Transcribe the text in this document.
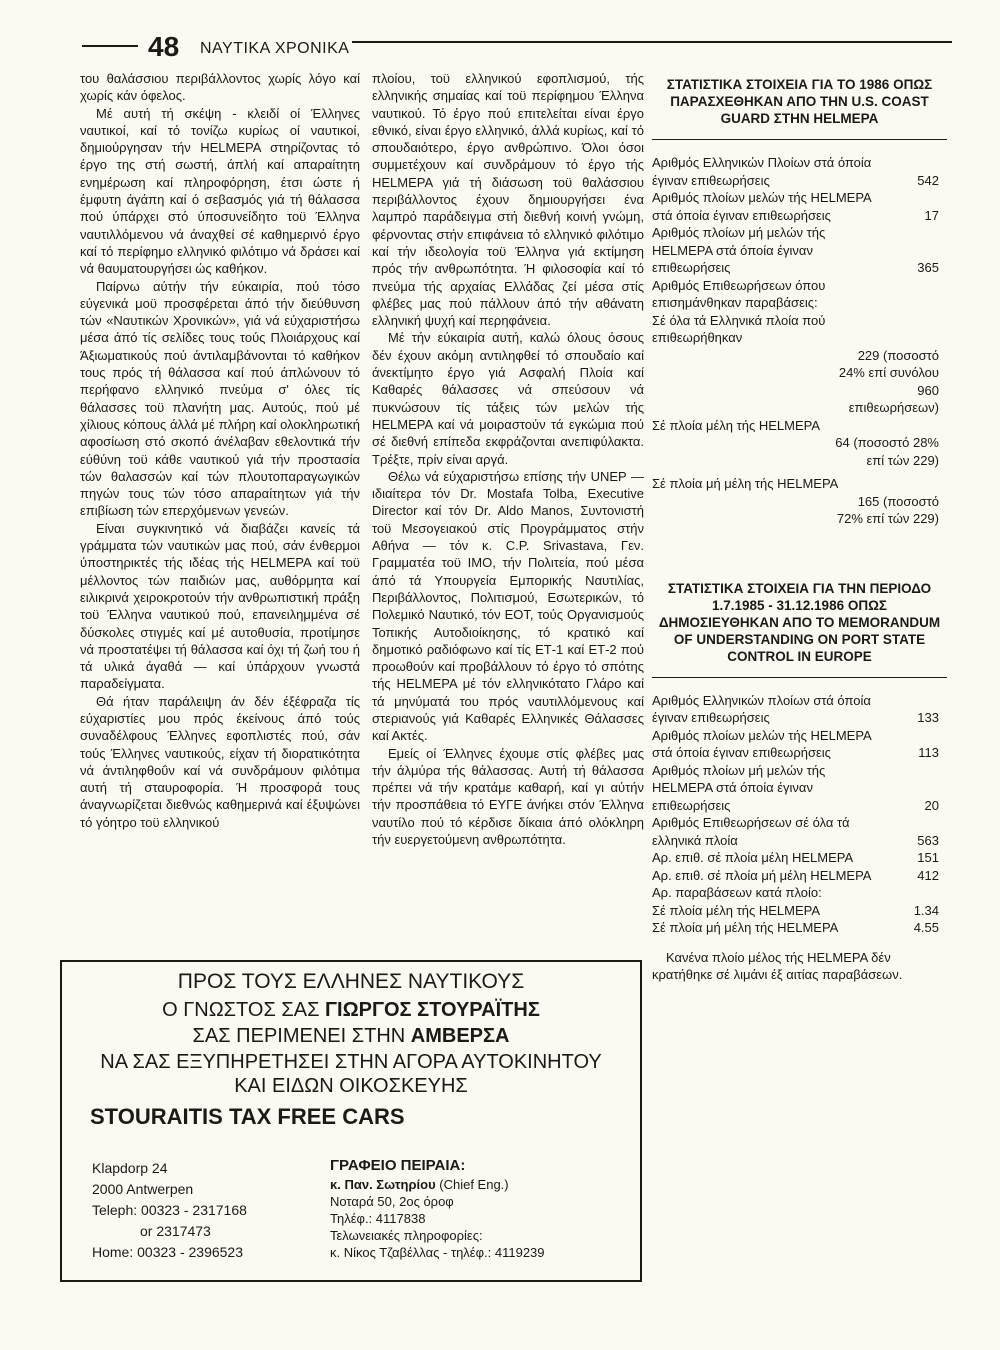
48 ΝΑΥΤΙΚΑ ΧΡΟΝΙΚΑ

του θαλάσσιου περιβάλλοντος χωρίς λόγο καί χωρίς κάν όφελος.

Μέ αυτή τή σκέψη - κλειδί οί Έλληνες ναυτικοί, καί τό τονίζω κυρίως οί ναυτικοί, δημιούργησαν τήν HELMEPA στηρίζοντας τό έργο της στή σωστή, άπλή καί απαραίτητη ενημέρωση καί πληροφόρηση, έτσι ώστε ή έμφυτη άγάπη καί ό σεβασμός γιά τή θάλασσα πού ύπάρχει στό ύποσυνείδητο τοϋ Έλληνα ναυτιλλόμενου νά άναχθεί σέ καθημερινό έργο καί τό περίφημο ελληνικό φιλότιμο νά δράσει καί νά θαυματουργήσει ώς καθήκον.

Παίρνω αύτήν τήν εύκαιρία, πού τόσο εύγενικά μοϋ προσφέρεται άπό τήν διεύθυνση τών «Ναυτικών Χρονικών», γιά νά εύχαριστήσω μέσα άπό τίς σελίδες τους τούς Πλοιάρχους καί Άξιωματικούς πού άντιλαμβάνονται τό καθήκον τους πρός τή θάλασσα καί πού άπλώνουν τό περήφανο ελληνικό πνεύμα σ' όλες τίς θάλασσες τοϋ πλανήτη μας. Αυτούς, πού μέ χίλιους κόπους άλλά μέ πλήρη καί ολοκληρωτική αφοσίωση στό σκοπό άνέλαβαν εθελοντικά τήν εύθύνη τοϋ κάθε ναυτικού γιά τήν προστασία τών θαλασσών καί τών πλουτοπαραγωγικών πηγών τους τών τόσο απαραίτητων γιά τήν επιβίωση τών επερχόμενων γενεών.

Είναι συγκινητικό νά διαβάζει κανείς τά γράμματα τών ναυτικών μας πού, σάν ένθερμοι ύποστηρικτές τής ιδέας τής HELMEPA καί τοϋ μέλλοντος τών παιδιών μας, αυθόρμητα καί ειλικρινά χειροκροτούν τήν ανθρωπιστική πράξη τοϋ Έλληνα ναυτικού πού, επανειλημμένα σέ δύσκολες στιγμές καί μέ αυτοθυσία, προτίμησε νά προστατέψει τή θάλασσα καί όχι τή ζωή του ή τά υλικά άγαθά — καί ύπάρχουν γνωστά παραδείγματα.

Θά ήταν παράλειψη άν δέν έξέφραζα τίς εύχαριστίες μου πρός έκείνους άπό τούς συναδέλφους Έλληνες εφοπλιστές πού, σάν τούς Έλληνες ναυτικούς, είχαν τή διορατικότητα νά άντιληφθοΰν καί νά συνδράμουν φιλότιμα αυτή τή σταυροφορία. Ή προσφορά τους άναγνωρίζεται διεθνώς καθημερινά καί έξυψώνει τό γόητρο τοϋ ελληνικού

πλοίου, τοϋ ελληνικού εφοπλισμού, τής ελληνικής σημαίας καί τοϋ περίφημου Έλληνα ναυτικού. Τό έργο πού επιτελείται είναι έργο εθνικό, είναι έργο ελληνικό, άλλά κυρίως, καί τό σπουδαιότερο, έργο ανθρώπινο. Όλοι όσοι συμμετέχουν καί συνδράμουν τό έργο τής HELMEPA γιά τή διάσωση τοϋ θαλάσσιου περιβάλλοντος έχουν δημιουργήσει ένα λαμπρό παράδειγμα στή διεθνή κοινή γνώμη, φέρνοντας στήν επιφάνεια τό ελληνικό φιλότιμο καί τήν ιδεολογία τοϋ Έλληνα γιά εκτίμηση πρός τήν ανθρωπότητα. Ή φιλοσοφία καί τό πνεύμα τής αρχαίας Ελλάδας ζεί μέσα στίς φλέβες μας πού πάλλουν άπό τήν αθάνατη ελληνική ψυχή καί περηφάνεια.

Μέ τήν εύκαιρία αυτή, καλώ όλους όσους δέν έχουν ακόμη αντιληφθεί τό σπουδαίο καί άνεκτίμητο έργο γιά Ασφαλή Πλοία καί Καθαρές θάλασσες νά σπεύσουν νά πυκνώσουν τίς τάξεις τών μελών τής HELMEPA καί νά μοιραστούν τά εγκώμια πού σέ διεθνή επίπεδα εκφράζονται ανεπιφύλακτα. Τρέξτε, πρίν είναι αργά.

Θέλω νά εύχαριστήσω επίσης τήν UNEP — ιδιαίτερα τόν Dr. Mostafa Tolba, Executive Director καί τόν Dr. Aldo Manos, Συντονιστή τοϋ Μεσογειακού στίς Προγράμματος στήν Αθήνα — τόν κ. C.P. Srivastava, Γεν. Γραμματέα τοϋ ΙΜΟ, τήν Πολιτεία, πού μέσα άπό τά Υπουργεία Εμπορικής Ναυτιλίας, Περιβάλλοντος, Πολιτισμού, Εσωτερικών, τό Πολεμικό Ναυτικό, τόν ΕΟΤ, τούς Οργανισμούς Τοπικής Αυτοδιοίκησης, τό κρατικό καί δημοτικό ραδιόφωνο καί τίς ΕΤ-1 καί ΕΤ-2 πού προωθούν καί προβάλλουν τό έργο τό σπότης τής HELMEPA μέ τόν ελληνικότατο Γλάρο καί τά μηνύματά του πρός ναυτιλλόμενους καί στεριανούς γιά Καθαρές Ελληνικές Θάλασσες καί Ακτές.

Εμείς οί Έλληνες έχουμε στίς φλέβες μας τήν άλμύρα τής θάλασσας. Αυτή τή θάλασσα πρέπει νά τήν κρατάμε καθαρή, καί γι αύτήν τήν προσπάθεια τό ΕΥΓΕ άνήκει στόν Έλληνα ναυτίλο πού τό κέρδισε δίκαια άπό ολόκληρη τήν ευεργετούμενη ανθρωπότητα.

ΣΤΑΤΙΣΤΙΚΑ ΣΤΟΙΧΕΙΑ ΓΙΑ ΤΟ 1986 ΟΠΩΣ ΠΑΡΑΣΧΕΘΗΚΑΝ ΑΠΟ ΤΗΝ U.S. COAST GUARD ΣΤΗΝ HELMEPA
Αριθμός Ελληνικών Πλοίων στά όποία έγιναν επιθεωρήσεις	542
Αριθμός πλοίων μελών τής HELMEPA στά όποία έγιναν επιθεωρήσεις	17
Αριθμός πλοίων μή μελών τής HELMEPA στά όποία έγιναν επιθεωρήσεις	365
Αριθμός Επιθεωρήσεων όπου επισημάνθηκαν παραβάσεις:
Σέ όλα τά Ελληνικά πλοία πού επιθεωρήθηκαν
229 (ποσοστό 24% επί συνόλου 960 επιθεωρήσεων)
Σέ πλοία μέλη τής HELMEPA
64 (ποσοστό 28% επί τών 229)
Σέ πλοία μή μέλη τής HELMEPA
165 (ποσοστό 72% επί τών 229)
ΣΤΑΤΙΣΤΙΚΑ ΣΤΟΙΧΕΙΑ ΓΙΑ ΤΗΝ ΠΕΡΙΟΔΟ 1.7.1985 - 31.12.1986 ΟΠΩΣ ΔΗΜΟΣΙΕΥΘΗΚΑΝ ΑΠΟ ΤΟ MEMORANDUM OF UNDERSTANDING ON PORT STATE CONTROL IN EUROPE
Αριθμός Ελληνικών πλοίων στά όποία έγιναν επιθεωρήσεις	133
Αριθμός πλοίων μελών τής HELMEPA στά όποία έγιναν επιθεωρήσεις	113
Αριθμός πλοίων μή μελών τής HELMEPA στά όποία έγιναν επιθεωρήσεις	20
Αριθμός Επιθεωρήσεων σέ όλα τά ελληνικά πλοία	563
Αρ. επιθ. σέ πλοία μέλη HELMEPA	151
Αρ. επιθ. σέ πλοία μή μέλη HELMEPA	412
Αρ. παραβάσεων κατά πλοίο:
Σέ πλοία μέλη τής HELMEPA	1.34
Σέ πλοία μή μέλη τής HELMEPA	4.55
Κανένα πλοίο μέλος τής HELMEPA δέν κρατήθηκε σέ λιμάνι έξ αιτίας παραβάσεων.
ΠΡΟΣ ΤΟΥΣ ΕΛΛΗΝΕΣ ΝΑΥΤΙΚΟΥΣ
Ο ΓΝΩΣΤΟΣ ΣΑΣ ΓΙΩΡΓΟΣ ΣΤΟΥΡΑΪΤΗΣ
ΣΑΣ ΠΕΡΙΜΕΝΕΙ ΣΤΗΝ ΑΜΒΕΡΣΑ
ΝΑ ΣΑΣ ΕΞΥΠΗΡΕΤΗΣΕΙ ΣΤΗΝ ΑΓΟΡΑ ΑΥΤΟΚΙΝΗΤΟΥ
ΚΑΙ ΕΙΔΩΝ ΟΙΚΟΣΚΕΥΗΣ
STOURAITIS TAX FREE CARS
Klapdorp 24
2000 Antwerpen
Teleph: 00323 - 2317168
or 2317473
Home: 00323 - 2396523
ΓΡΑΦΕΙΟ ΠΕΙΡΑΙΑ:
κ. Παν. Σωτηρίου (Chief Eng.)
Νοταρά 50, 2ος όροφ
Τηλέφ.: 4117838
Τελωνειακές πληροφορίες:
κ. Νίκος Τζαβέλλας - τηλέφ.: 4119239
